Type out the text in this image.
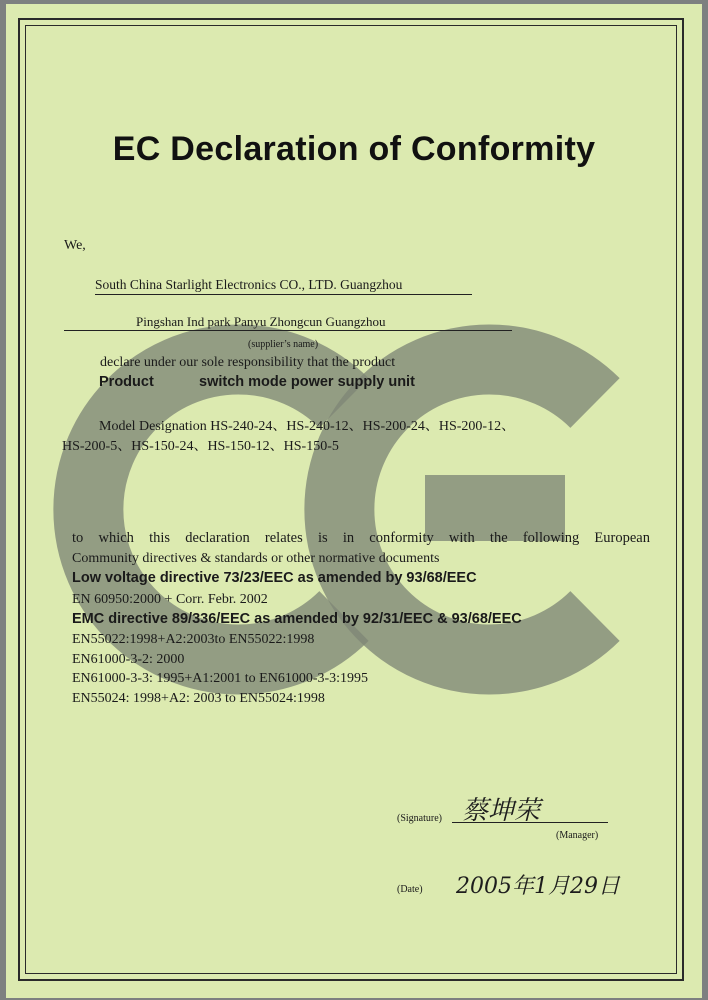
EC Declaration of Conformity
We,
South China Starlight Electronics CO., LTD. Guangzhou
Pingshan Ind park Panyu Zhongcun Guangzhou
(supplier’s name)
declare under our sole responsibility that the product
Product	switch mode power supply unit
Model Designation HS-240-24、HS-240-12、HS-200-24、HS-200-12、
HS-200-5、HS-150-24、HS-150-12、HS-150-5
to which this declaration relates is in conformity with the following European
Community directives & standards or other normative documents
Low voltage directive 73/23/EEC as amended by 93/68/EEC
EN 60950:2000 + Corr. Febr. 2002
EMC directive 89/336/EEC as amended by 92/31/EEC & 93/68/EEC
EN55022:1998+A2:2003to EN55022:1998
EN61000-3-2: 2000
EN61000-3-3: 1995+A1:2001 to EN61000-3-3:1995
EN55024: 1998+A2: 2003 to EN55024:1998
(Signature) 蔡坤荣
(Manager)
(Date) 2005年1月29日
